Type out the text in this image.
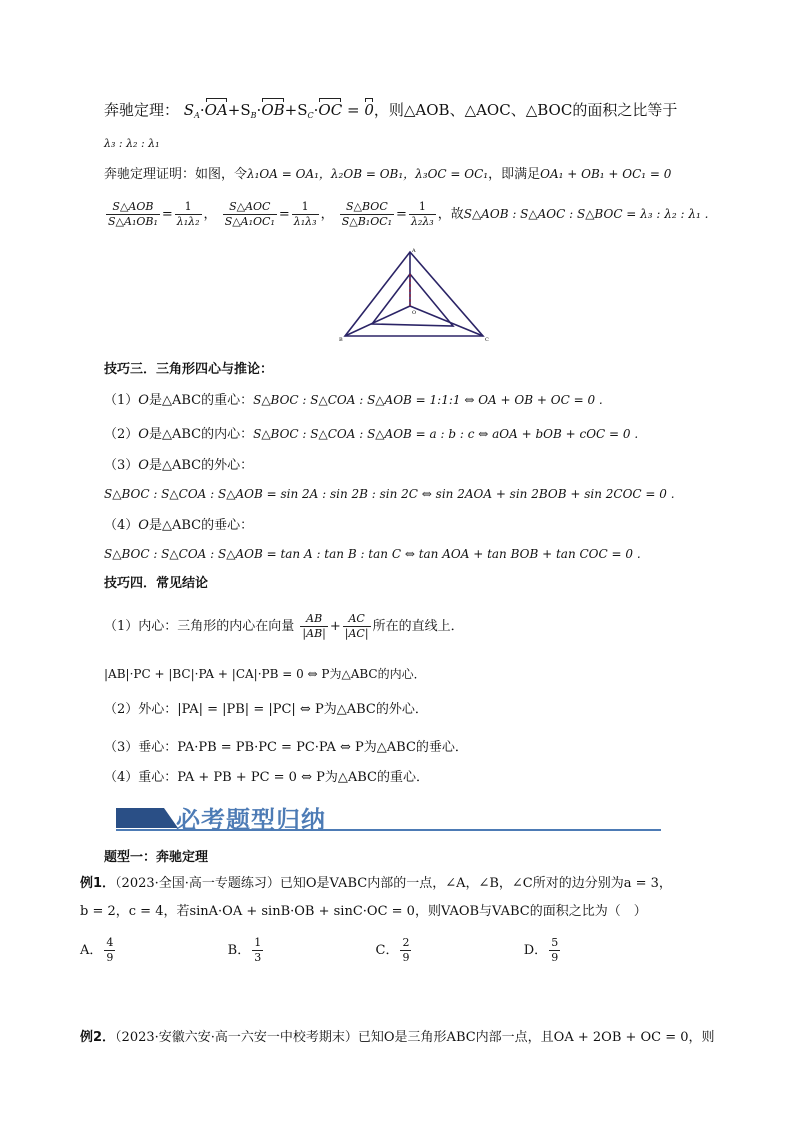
奔驰定理： $S_A\cdot OA+S_B\cdot OB+S_C\cdot OC = 0$，则△AOB、△AOC、△BOC的面积之比等于
λ₃ : λ₂ : λ₁
奔驰定理证明：如图，令λ₁OA = OA₁，λ₂OB = OB₁，λ₃OC = OC₁，即满足OA₁ + OB₁ + OC₁ = 0
$\frac{\text{S△AOB}}{\text{S△A₁OB₁}} = \frac{1}{\text{λ₁λ₂}}$ ， $\frac{\text{S△AOC}}{\text{S△A₁OC₁}} = \frac{1}{\text{λ₁λ₃}}$ ， $\frac{\text{S△BOC}}{\text{S△B₁OC₁}} = \frac{1}{\text{λ₂λ₃}}$ ，故S△AOB : S△AOC : S△BOC = λ₃ : λ₂ : λ₁ .
A
B	C
O
技巧三．三角形四心与推论：
（1）O是△ABC的重心：S△BOC : S△COA : S△AOB = 1:1:1 ⇔ OA + OB + OC = 0 .
（2）O是△ABC的内心：S△BOC : S△COA : S△AOB = a : b : c ⇔ aOA + bOB + cOC = 0 .
（3）O是△ABC的外心：
S△BOC : S△COA : S△AOB = sin 2A : sin 2B : sin 2C ⇔ sin 2AOA + sin 2BOB + sin 2COC = 0 .
（4）O是△ABC的垂心：
S△BOC : S△COA : S△AOB = tan A : tan B : tan C ⇔ tan AOA + tan BOB + tan COC = 0 .
技巧四．常见结论
（1）内心：三角形的内心在向量 $\frac{AB}{|AB|} + \frac{AC}{|AC|}$ 所在的直线上．
|AB|·PC + |BC|·PA + |CA|·PB = 0 ⇔ P为△ABC的内心．
（2）外心：|PA| = |PB| = |PC| ⇔ P为△ABC的外心．
（3）垂心：PA·PB = PB·PC = PC·PA ⇔ P为△ABC的垂心．
（4）重心：PA + PB + PC = 0 ⇔ P为△ABC的重心．
必考题型归纳
题型一：奔驰定理
例1．（2023·全国·高一专题练习）已知O是VABC内部的一点，∠A，∠B，∠C所对的边分别为a = 3，
b = 2，c = 4，若sinA·OA + sinB·OB + sinC·OC = 0，则VAOB与VABC的面积之比为（　）
A． $\frac{4}{9}$	B． $\frac{1}{3}$	C． $\frac{2}{9}$	D． $\frac{5}{9}$
例2．（2023·安徽六安·高一六安一中校考期末）已知O是三角形ABC内部一点，且OA + 2OB + OC = 0，则
